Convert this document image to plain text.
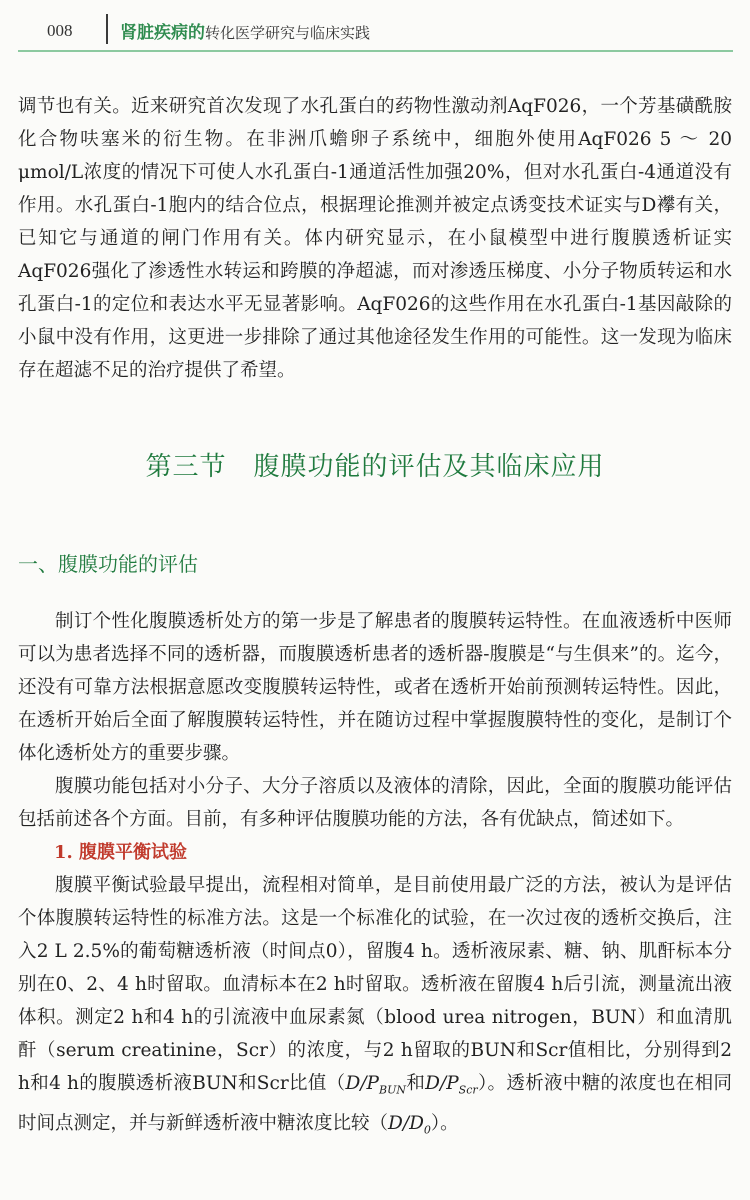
008	肾脏疾病的转化医学研究与临床实践

调节也有关。近来研究首次发现了水孔蛋白的药物性激动剂AqF026，一个芳基磺酰胺化合物呋塞米的衍生物。在非洲爪蟾卵子系统中，细胞外使用AqF026 5 ～ 20 μmol/L浓度的情况下可使人水孔蛋白-1通道活性加强20%，但对水孔蛋白-4通道没有作用。水孔蛋白-1胞内的结合位点，根据理论推测并被定点诱变技术证实与D襻有关，已知它与通道的闸门作用有关。体内研究显示，在小鼠模型中进行腹膜透析证实AqF026强化了渗透性水转运和跨膜的净超滤，而对渗透压梯度、小分子物质转运和水孔蛋白-1的定位和表达水平无显著影响。AqF026的这些作用在水孔蛋白-1基因敲除的小鼠中没有作用，这更进一步排除了通过其他途径发生作用的可能性。这一发现为临床存在超滤不足的治疗提供了希望。

第三节　腹膜功能的评估及其临床应用
一、腹膜功能的评估

制订个性化腹膜透析处方的第一步是了解患者的腹膜转运特性。在血液透析中医师可以为患者选择不同的透析器，而腹膜透析患者的透析器-腹膜是“与生俱来”的。迄今，还没有可靠方法根据意愿改变腹膜转运特性，或者在透析开始前预测转运特性。因此，在透析开始后全面了解腹膜转运特性，并在随访过程中掌握腹膜特性的变化，是制订个体化透析处方的重要步骤。

腹膜功能包括对小分子、大分子溶质以及液体的清除，因此，全面的腹膜功能评估包括前述各个方面。目前，有多种评估腹膜功能的方法，各有优缺点，简述如下。

1. 腹膜平衡试验

腹膜平衡试验最早提出，流程相对简单，是目前使用最广泛的方法，被认为是评估个体腹膜转运特性的标准方法。这是一个标准化的试验，在一次过夜的透析交换后，注入2 L 2.5%的葡萄糖透析液（时间点0），留腹4 h。透析液尿素、糖、钠、肌酐标本分别在0、2、4 h时留取。血清标本在2 h时留取。透析液在留腹4 h后引流，测量流出液体积。测定2 h和4 h的引流液中血尿素氮（blood urea nitrogen，BUN）和血清肌酐（serum creatinine，Scr）的浓度，与2 h留取的BUN和Scr值相比，分别得到2 h和4 h的腹膜透析液BUN和Scr比值（$D/P_{BUN}$和$D/P_{Scr}$）。透析液中糖的浓度也在相同时间点测定，并与新鲜透析液中糖浓度比较$(D/D_0)$。
